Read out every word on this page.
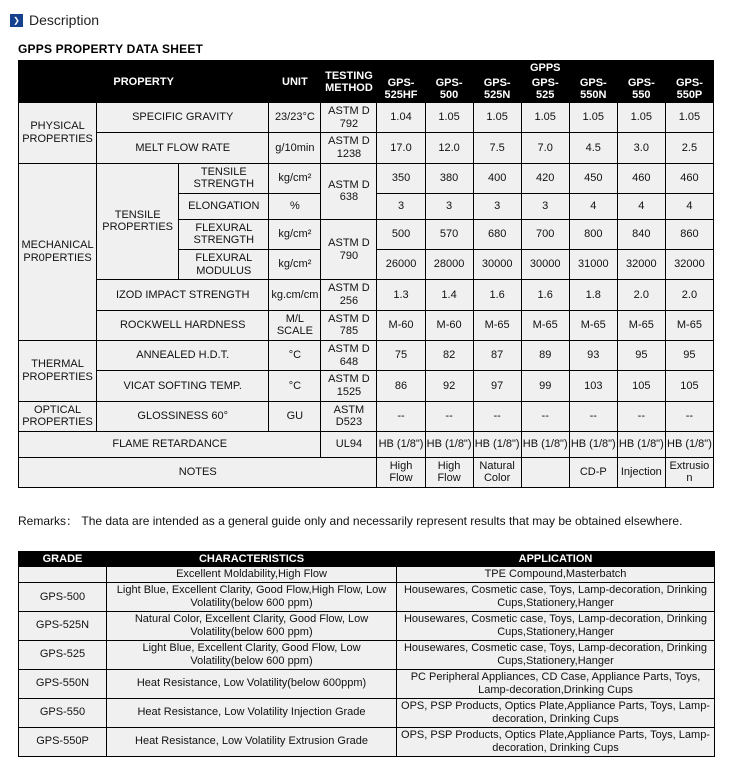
❯ Description
GPPS PROPERTY DATA SHEET
PROPERTY			UNIT	TESTING METHOD	GPPS						
					GPS-525HF	GPS-500	GPS-525N	GPS-525	GPS-550N	GPS-550	GPS-550P
PHYSICAL PROPERTIES	SPECIFIC GRAVITY		23/23°C	ASTM D 792	1.04	1.05	1.05	1.05	1.05	1.05	1.05
	MELT FLOW RATE		g/10min	ASTM D 1238	17.0	12.0	7.5	7.0	4.5	3.0	2.5
MECHANICAL PR0PERTIES	TENSILE PROPERTIES	TENSILE STRENGTH	kg/cm²	ASTM D 638	350	380	400	420	450	460	460
		ELONGATION	%		3	3	3	3	4	4	4
		FLEXURAL STRENGTH	kg/cm²	ASTM D 790	500	570	680	700	800	840	860
		FLEXURAL MODULUS	kg/cm²		26000	28000	30000	30000	31000	32000	32000
	IZOD IMPACT STRENGTH		kg.cm/cm	ASTM D 256	1.3	1.4	1.6	1.6	1.8	2.0	2.0
	ROCKWELL HARDNESS		M/L SCALE	ASTM D 785	M-60	M-60	M-65	M-65	M-65	M-65	M-65
THERMAL PROPERTIES	ANNEALED H.D.T.		°C	ASTM D 648	75	82	87	89	93	95	95
	VICAT SOFTING TEMP.		°C	ASTM D 1525	86	92	97	99	103	105	105
OPTICAL PROPERTIES	GLOSSINESS 60°		GU	ASTM D523	--	--	--	--	--	--	--
FLAME RETARDANCE				UL94	HB (1/8")	HB (1/8")	HB (1/8")	HB (1/8")	HB (1/8")	HB (1/8")	HB (1/8")
NOTES					High Flow	High Flow	Natural Color		CD-P	Injection	Extrusion

Remarks： The data are intended as a general guide only and necessarily represent results that may be obtained elsewhere.

GRADE	CHARACTERISTICS	APPLICATION
	Excellent Moldability,High Flow	TPE Compound,Masterbatch
GPS-500	Light Blue, Excellent Clarity, Good Flow,High Flow, Low Volatility(below 600 ppm)	Housewares, Cosmetic case, Toys, Lamp-decoration, Drinking Cups,Stationery,Hanger
GPS-525N	Natural Color, Excellent Clarity, Good Flow, Low Volatility(below 600 ppm)	Housewares, Cosmetic case, Toys, Lamp-decoration, Drinking Cups,Stationery,Hanger
GPS-525	Light Blue, Excellent Clarity, Good Flow, Low Volatility(below 600 ppm)	Housewares, Cosmetic case, Toys, Lamp-decoration, Drinking Cups,Stationery,Hanger
GPS-550N	Heat Resistance, Low Volatility(below 600ppm)	PC Peripheral Appliances, CD Case, Appliance Parts, Toys, Lamp-decoration,Drinking Cups
GPS-550	Heat Resistance, Low Volatility Injection Grade	OPS, PSP Products, Optics Plate,Appliance Parts, Toys, Lamp-decoration, Drinking Cups
GPS-550P	Heat Resistance, Low Volatility Extrusion Grade	OPS, PSP Products, Optics Plate,Appliance Parts, Toys, Lamp-decoration, Drinking Cups
